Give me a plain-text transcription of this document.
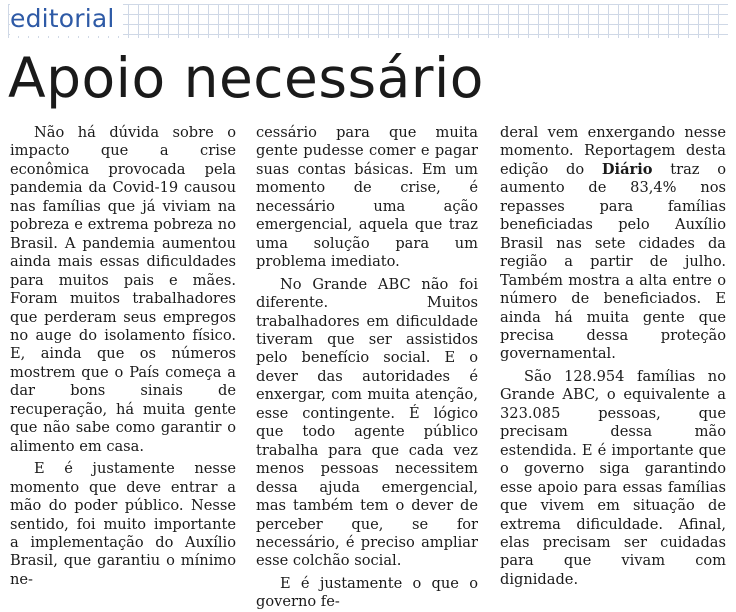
editorial
Apoio necessário

Não há dúvida sobre o impacto que a crise econômica provocada pela pandemia da Covid-19 causou nas famílias que já viviam na pobreza e extrema pobreza no Brasil. A pandemia aumentou ainda mais essas dificuldades para muitos pais e mães. Foram muitos trabalhadores que perderam seus empregos no auge do isolamento físico. E, ainda que os números mostrem que o País começa a dar bons sinais de recuperação, há muita gente que não sabe como garantir o alimento em casa.

E é justamente nesse momento que deve entrar a mão do poder público. Nesse sentido, foi muito importante a implementação do Auxílio Brasil, que garantiu o mínimo ne-

cessário para que muita gente pudesse comer e pagar suas contas básicas. Em um momento de crise, é necessário uma ação emergencial, aquela que traz uma solução para um problema imediato.

No Grande ABC não foi diferente. Muitos trabalhadores em dificuldade tiveram que ser assistidos pelo benefício social. E o dever das autoridades é enxergar, com muita atenção, esse contingente. É lógico que todo agente público trabalha para que cada vez menos pessoas necessitem dessa ajuda emergencial, mas também tem o dever de perceber que, se for necessário, é preciso ampliar esse colchão social.

E é justamente o que o governo fe-

deral vem enxergando nesse momento. Reportagem desta edição do Diário traz o aumento de 83,4% nos repasses para famílias beneficiadas pelo Auxílio Brasil nas sete cidades da região a partir de julho. Também mostra a alta entre o número de beneficiados. E ainda há muita gente que precisa dessa proteção governamental.

São 128.954 famílias no Grande ABC, o equivalente a 323.085 pessoas, que precisam dessa mão estendida. E é importante que o governo siga garantindo esse apoio para essas famílias que vivem em situação de extrema dificuldade. Afinal, elas precisam ser cuidadas para que vivam com dignidade.
